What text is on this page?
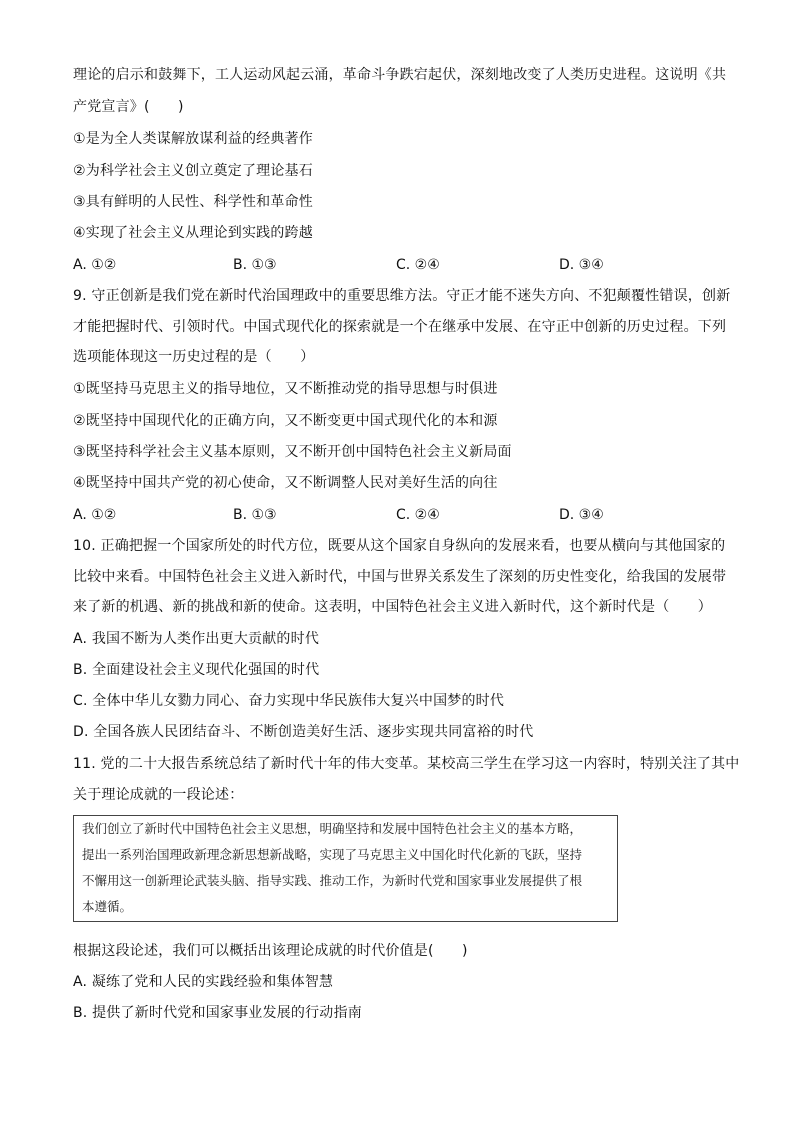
理论的启示和鼓舞下，工人运动风起云涌，革命斗争跌宕起伏，深刻地改变了人类历史进程。这说明《共
产党宣言》(　　)
①是为全人类谋解放谋利益的经典著作
②为科学社会主义创立奠定了理论基石
③具有鲜明的人民性、科学性和革命性
④实现了社会主义从理论到实践的跨越
A. ①②	B. ①③	C. ②④	D. ③④
9. 守正创新是我们党在新时代治国理政中的重要思维方法。守正才能不迷失方向、不犯颠覆性错误，创新
才能把握时代、引领时代。中国式现代化的探索就是一个在继承中发展、在守正中创新的历史过程。下列
选项能体现这一历史过程的是（　　）
①既坚持马克思主义的指导地位，又不断推动党的指导思想与时俱进
②既坚持中国现代化的正确方向，又不断变更中国式现代化的本和源
③既坚持科学社会主义基本原则，又不断开创中国特色社会主义新局面
④既坚持中国共产党的初心使命，又不断调整人民对美好生活的向往
A. ①②	B. ①③	C. ②④	D. ③④
10. 正确把握一个国家所处的时代方位，既要从这个国家自身纵向的发展来看，也要从横向与其他国家的
比较中来看。中国特色社会主义进入新时代，中国与世界关系发生了深刻的历史性变化，给我国的发展带
来了新的机遇、新的挑战和新的使命。这表明，中国特色社会主义进入新时代，这个新时代是（　　）
A. 我国不断为人类作出更大贡献的时代
B. 全面建设社会主义现代化强国的时代
C. 全体中华儿女勠力同心、奋力实现中华民族伟大复兴中国梦的时代
D. 全国各族人民团结奋斗、不断创造美好生活、逐步实现共同富裕的时代
11. 党的二十大报告系统总结了新时代十年的伟大变革。某校高三学生在学习这一内容时，特别关注了其中
关于理论成就的一段论述：
我们创立了新时代中国特色社会主义思想，明确坚持和发展中国特色社会主义的基本方略，
提出一系列治国理政新理念新思想新战略，实现了马克思主义中国化时代化新的飞跃，坚持
不懈用这一创新理论武装头脑、指导实践、推动工作，为新时代党和国家事业发展提供了根
本遵循。
根据这段论述，我们可以概括出该理论成就的时代价值是(　　)
A. 凝练了党和人民的实践经验和集体智慧
B. 提供了新时代党和国家事业发展的行动指南
